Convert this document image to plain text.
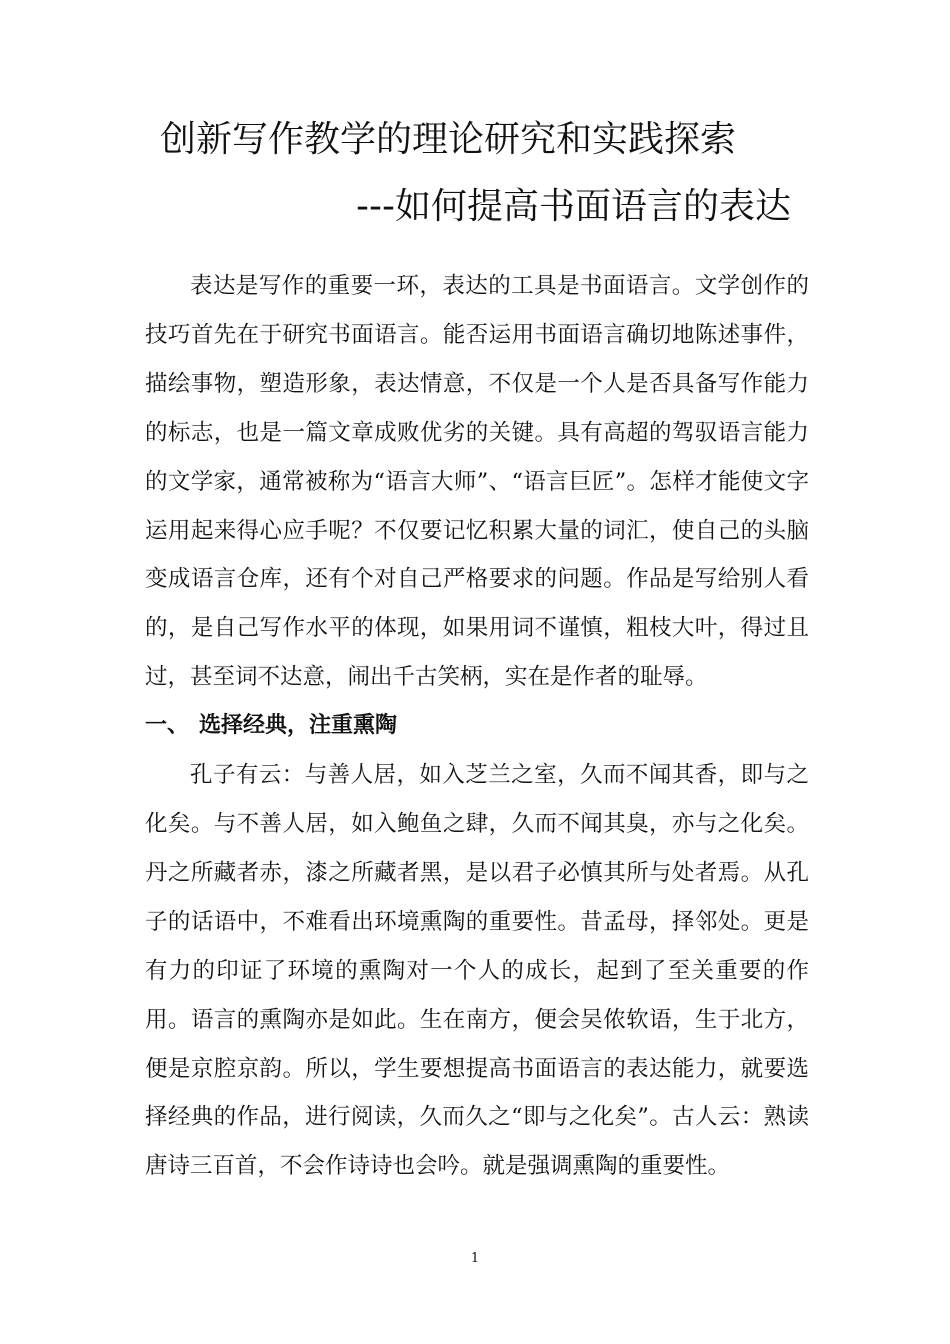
创新写作教学的理论研究和实践探索
---如何提高书面语言的表达

表达是写作的重要一环，表达的工具是书面语言。文学创作的技巧首先在于研究书面语言。能否运用书面语言确切地陈述事件，描绘事物，塑造形象，表达情意，不仅是一个人是否具备写作能力的标志，也是一篇文章成败优劣的关键。具有高超的驾驭语言能力的文学家，通常被称为“语言大师”、“语言巨匠”。怎样才能使文字运用起来得心应手呢？不仅要记忆积累大量的词汇，使自己的头脑变成语言仓库，还有个对自己严格要求的问题。作品是写给别人看的，是自己写作水平的体现，如果用词不谨慎，粗枝大叶，得过且过，甚至词不达意，闹出千古笑柄，实在是作者的耻辱。

一、 选择经典，注重熏陶

孔子有云：与善人居，如入芝兰之室，久而不闻其香，即与之化矣。与不善人居，如入鲍鱼之肆，久而不闻其臭，亦与之化矣。丹之所藏者赤，漆之所藏者黑，是以君子必慎其所与处者焉。从孔子的话语中，不难看出环境熏陶的重要性。昔孟母，择邻处。更是有力的印证了环境的熏陶对一个人的成长，起到了至关重要的作用。语言的熏陶亦是如此。生在南方，便会吴侬软语，生于北方，便是京腔京韵。所以，学生要想提高书面语言的表达能力，就要选择经典的作品，进行阅读，久而久之“即与之化矣”。古人云：熟读唐诗三百首，不会作诗诗也会吟。就是强调熏陶的重要性。

1
